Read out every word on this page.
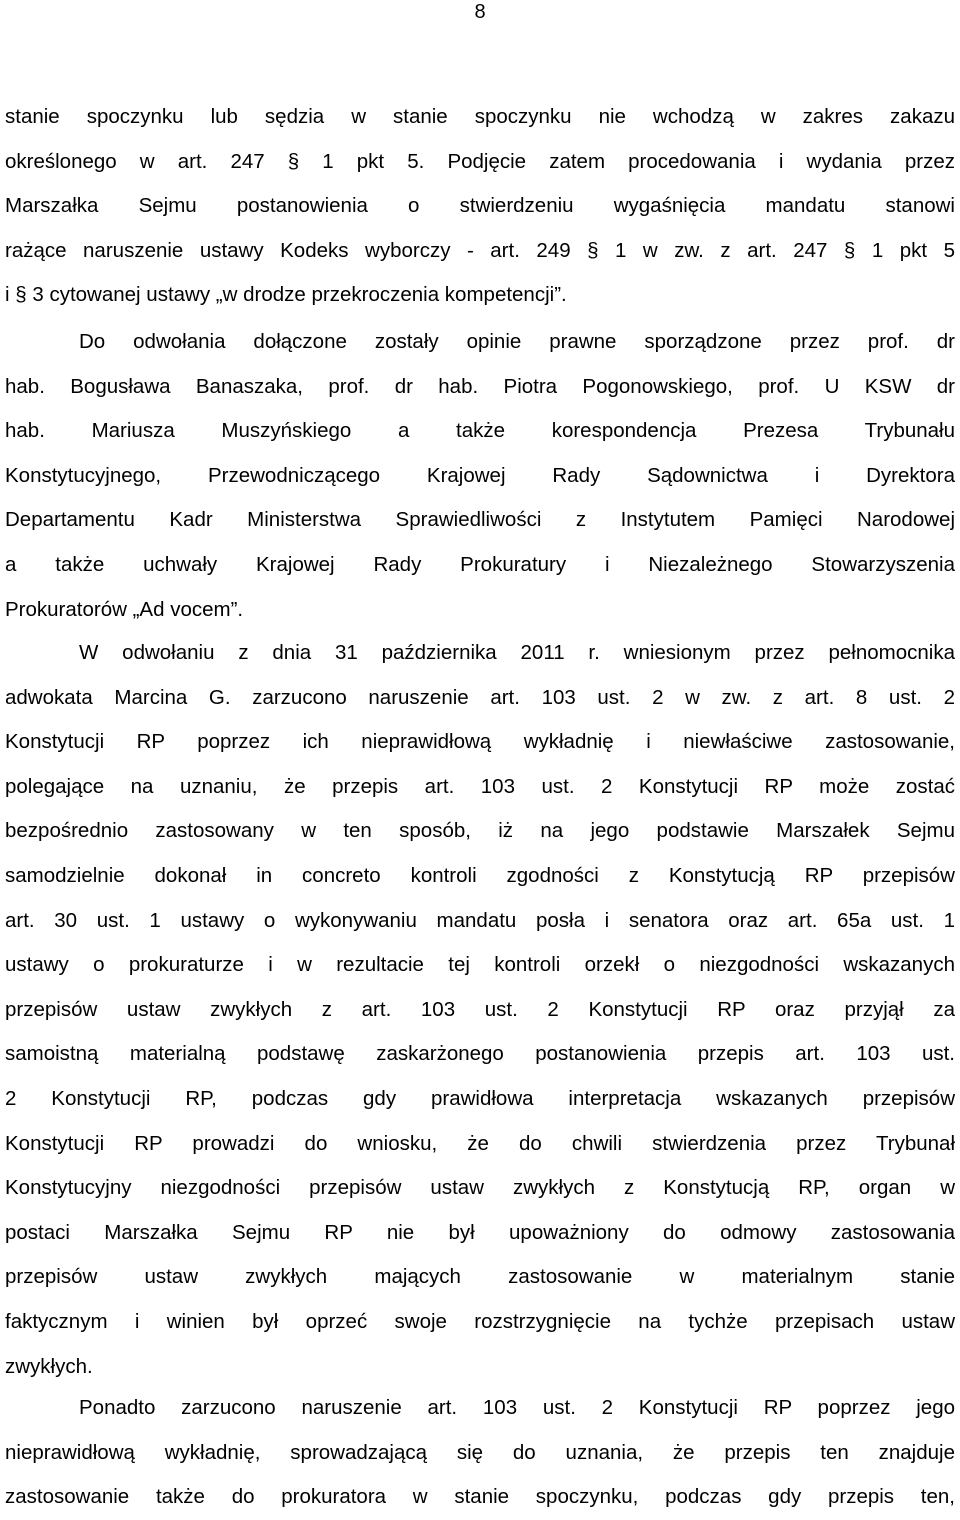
8
stanie spoczynku lub sędzia w stanie spoczynku nie wchodzą w zakres zakazu
określonego w art. 247 § 1 pkt 5. Podjęcie zatem procedowania i wydania przez
Marszałka Sejmu postanowienia o stwierdzeniu wygaśnięcia mandatu stanowi
rażące naruszenie ustawy Kodeks wyborczy - art. 249 § 1 w zw. z art. 247 § 1 pkt 5
i § 3 cytowanej ustawy „w drodze przekroczenia kompetencji”.
Do odwołania dołączone zostały opinie prawne sporządzone przez prof. dr
hab. Bogusława Banaszaka, prof. dr hab. Piotra Pogonowskiego, prof. U KSW dr
hab. Mariusza Muszyńskiego a także korespondencja Prezesa Trybunału
Konstytucyjnego, Przewodniczącego Krajowej Rady Sądownictwa i Dyrektora
Departamentu Kadr Ministerstwa Sprawiedliwości z Instytutem Pamięci Narodowej
a także uchwały Krajowej Rady Prokuratury i Niezależnego Stowarzyszenia
Prokuratorów „Ad vocem”.
W odwołaniu z dnia 31 października 2011 r. wniesionym przez pełnomocnika
adwokata Marcina G. zarzucono naruszenie art. 103 ust. 2 w zw. z art. 8 ust. 2
Konstytucji RP poprzez ich nieprawidłową wykładnię i niewłaściwe zastosowanie,
polegające na uznaniu, że przepis art. 103 ust. 2 Konstytucji RP może zostać
bezpośrednio zastosowany w ten sposób, iż na jego podstawie Marszałek Sejmu
samodzielnie dokonał in concreto kontroli zgodności z Konstytucją RP przepisów
art. 30 ust. 1 ustawy o wykonywaniu mandatu posła i senatora oraz art. 65a ust. 1
ustawy o prokuraturze i w rezultacie tej kontroli orzekł o niezgodności wskazanych
przepisów ustaw zwykłych z art. 103 ust. 2 Konstytucji RP oraz przyjął za
samoistną materialną podstawę zaskarżonego postanowienia przepis art. 103 ust.
2 Konstytucji RP, podczas gdy prawidłowa interpretacja wskazanych przepisów
Konstytucji RP prowadzi do wniosku, że do chwili stwierdzenia przez Trybunał
Konstytucyjny niezgodności przepisów ustaw zwykłych z Konstytucją RP, organ w
postaci Marszałka Sejmu RP nie był upoważniony do odmowy zastosowania
przepisów ustaw zwykłych mających zastosowanie w materialnym stanie
faktycznym i winien był oprzeć swoje rozstrzygnięcie na tychże przepisach ustaw
zwykłych.
Ponadto zarzucono naruszenie art. 103 ust. 2 Konstytucji RP poprzez jego
nieprawidłową wykładnię, sprowadzającą się do uznania, że przepis ten znajduje
zastosowanie także do prokuratora w stanie spoczynku, podczas gdy przepis ten,
